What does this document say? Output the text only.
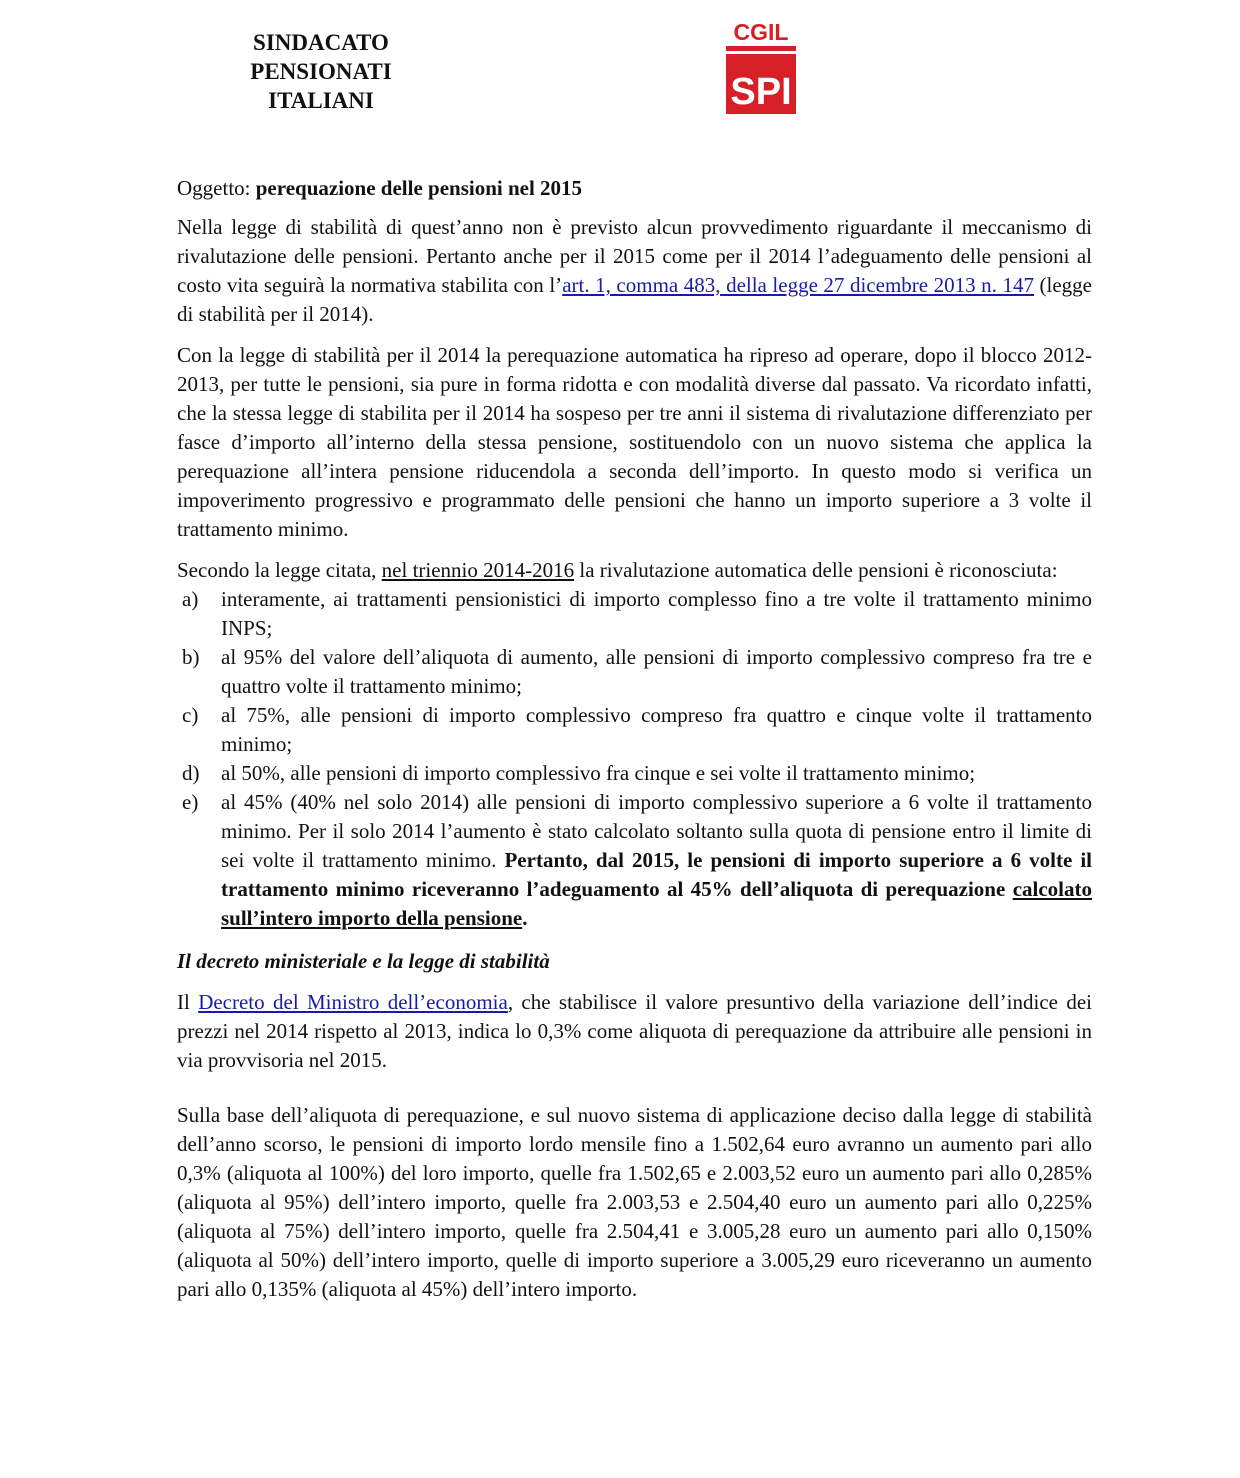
SINDACATO
PENSIONATI
ITALIANI
CGIL
SPI

Oggetto: perequazione delle pensioni nel 2015

Nella legge di stabilità di quest’anno non è previsto alcun provvedimento riguardante il meccanismo di rivalutazione delle pensioni. Pertanto anche per il 2015 come per il 2014 l’adeguamento delle pensioni al costo vita seguirà la normativa stabilita con l’art. 1, comma 483, della legge 27 dicembre 2013 n. 147 (legge di stabilità per il 2014).

Con la legge di stabilità per il 2014 la perequazione automatica ha ripreso ad operare, dopo il blocco 2012-2013, per tutte le pensioni, sia pure in forma ridotta e con modalità diverse dal passato. Va ricordato infatti, che la stessa legge di stabilita per il 2014 ha sospeso per tre anni il sistema di rivalutazione differenziato per fasce d’importo all’interno della stessa pensione, sostituendolo con un nuovo sistema che applica la perequazione all’intera pensione riducendola a seconda dell’importo. In questo modo si verifica un impoverimento progressivo e programmato delle pensioni che hanno un importo superiore a 3 volte il trattamento minimo.

Secondo la legge citata, nel triennio 2014-2016 la rivalutazione automatica delle pensioni è riconosciuta:

a) interamente, ai trattamenti pensionistici di importo complesso fino a tre volte il trattamento minimo INPS;
b) al 95% del valore dell’aliquota di aumento, alle pensioni di importo complessivo compreso fra tre e quattro volte il trattamento minimo;
c) al 75%, alle pensioni di importo complessivo compreso fra quattro e cinque volte il trattamento minimo;
d) al 50%, alle pensioni di importo complessivo fra cinque e sei volte il trattamento minimo;
e) al 45% (40% nel solo 2014) alle pensioni di importo complessivo superiore a 6 volte il trattamento minimo. Per il solo 2014 l’aumento è stato calcolato soltanto sulla quota di pensione entro il limite di sei volte il trattamento minimo. Pertanto, dal 2015, le pensioni di importo superiore a 6 volte il trattamento minimo riceveranno l’adeguamento al 45% dell’aliquota di perequazione calcolato sull’intero importo della pensione.

Il decreto ministeriale e la legge di stabilità

Il Decreto del Ministro dell’economia, che stabilisce il valore presuntivo della variazione dell’indice dei prezzi nel 2014 rispetto al 2013, indica lo 0,3% come aliquota di perequazione da attribuire alle pensioni in via provvisoria nel 2015.

Sulla base dell’aliquota di perequazione, e sul nuovo sistema di applicazione deciso dalla legge di stabilità dell’anno scorso, le pensioni di importo lordo mensile fino a 1.502,64 euro avranno un aumento pari allo 0,3% (aliquota al 100%) del loro importo, quelle fra 1.502,65 e 2.003,52 euro un aumento pari allo 0,285% (aliquota al 95%) dell’intero importo, quelle fra 2.003,53 e 2.504,40 euro un aumento pari allo 0,225% (aliquota al 75%) dell’intero importo, quelle fra 2.504,41 e 3.005,28 euro un aumento pari allo 0,150% (aliquota al 50%) dell’intero importo, quelle di importo superiore a 3.005,29 euro riceveranno un aumento pari allo 0,135% (aliquota al 45%) dell’intero importo.
